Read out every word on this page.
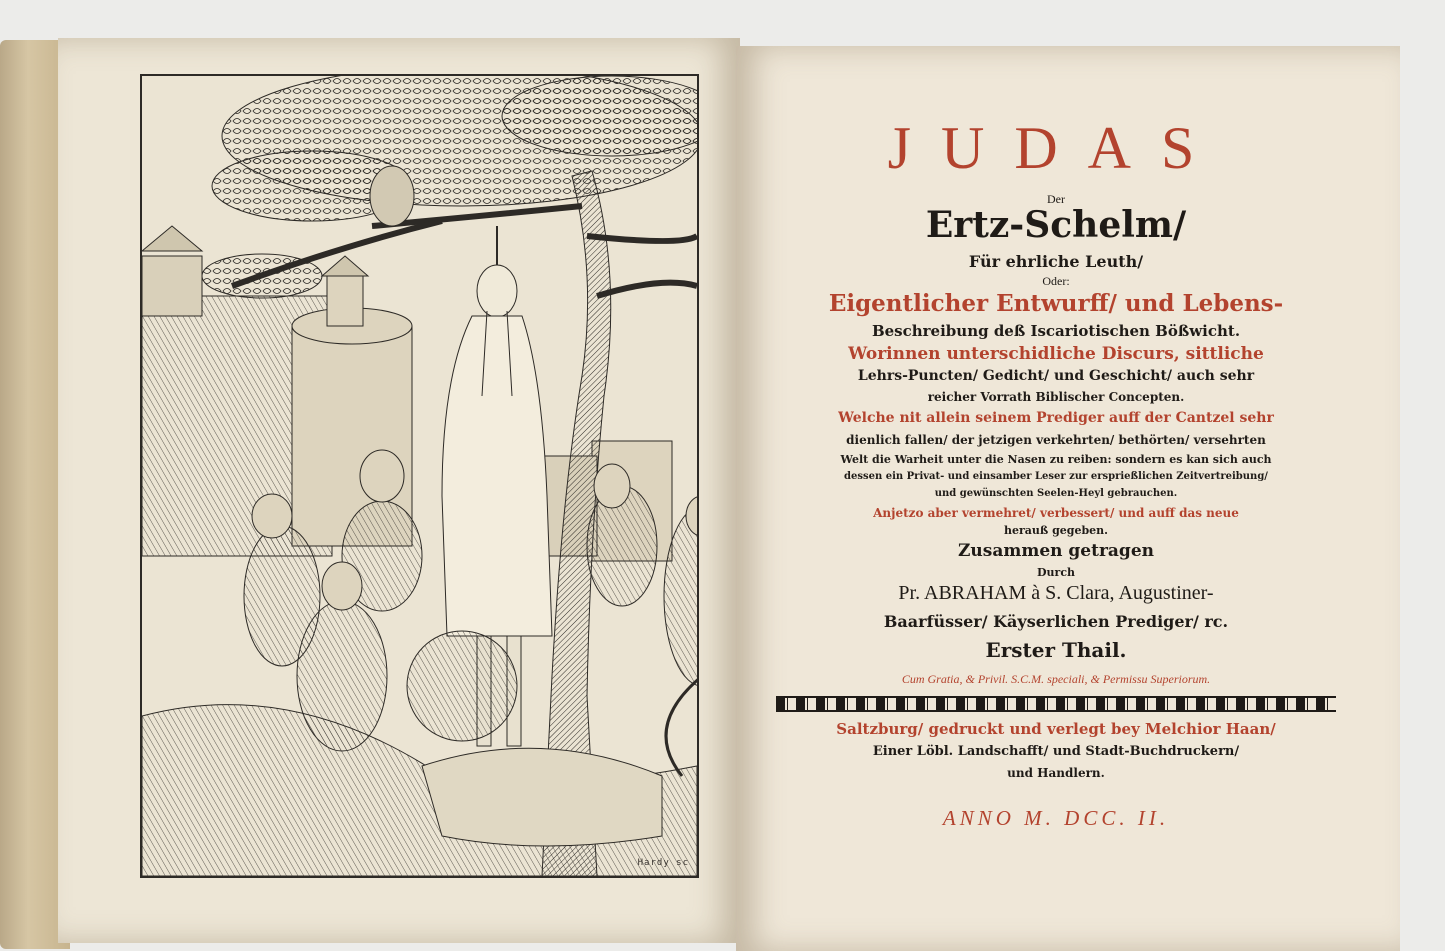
Hardy sc
JUDAS
Der
Ertz-Schelm/
Für ehrliche Leuth/
Oder:
Eigentlicher Entwurff/ und Lebens-
Beschreibung deß Iscariotischen Bößwicht.
Worinnen unterschidliche Discurs, sittliche
Lehrs-Puncten/ Gedicht/ und Geschicht/ auch sehr
reicher Vorrath Biblischer Concepten.
Welche nit allein seinem Prediger auff der Cantzel sehr
dienlich fallen/ der jetzigen verkehrten/ bethörten/ versehrten
Welt die Warheit unter die Nasen zu reiben: sondern es kan sich auch
dessen ein Privat- und einsamber Leser zur ersprießlichen Zeitvertreibung/
und gewünschten Seelen-Heyl gebrauchen.
Anjetzo aber vermehret/ verbessert/ und auff das neue
herauß gegeben.
Zusammen getragen
Durch
Pr. ABRAHAM à S. Clara, Augustiner-
Baarfüsser/ Käyserlichen Prediger/ rc.
Erster Thail.
Cum Gratia, & Privil. S.C.M. speciali, & Permissu Superiorum.
Saltzburg/ gedruckt und verlegt bey Melchior Haan/
Einer Löbl. Landschafft/ und Stadt-Buchdruckern/
und Handlern.
ANNO M. DCC. II.
